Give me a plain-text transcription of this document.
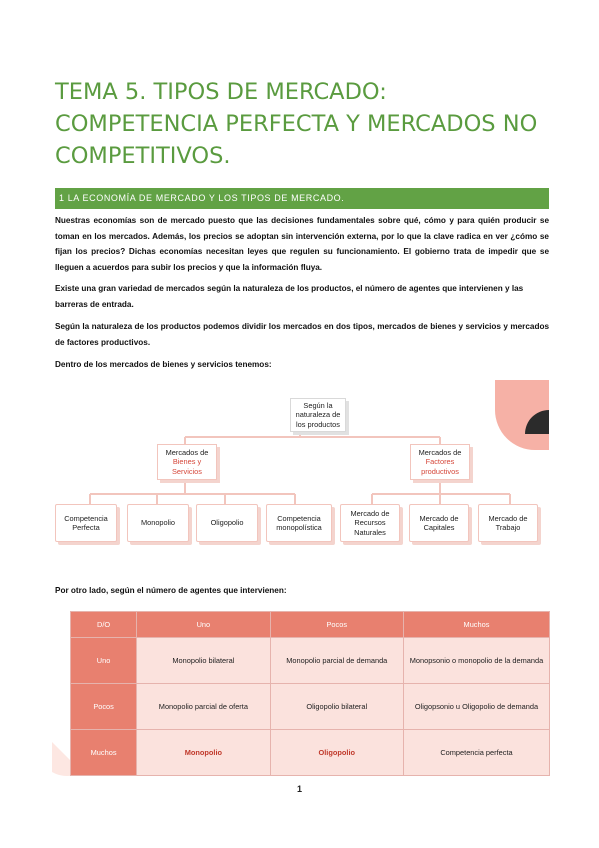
TEMA 5. TIPOS DE MERCADO:
COMPETENCIA PERFECTA Y MERCADOS NO
COMPETITIVOS.
1 LA ECONOMÍA DE MERCADO Y LOS TIPOS DE MERCADO.
Nuestras economías son de mercado puesto que las decisiones fundamentales sobre qué, cómo y para quién producir se toman en los mercados. Además, los precios se adoptan sin intervención externa, por lo que la clave radica en ver ¿cómo se fijan los precios? Dichas economías necesitan leyes que regulen su funcionamiento. El gobierno trata de impedir que se lleguen a acuerdos para subir los precios y que la información fluya.
Existe una gran variedad de mercados según la naturaleza de los productos, el número de agentes que intervienen y las barreras de entrada.
Según la naturaleza de los productos podemos dividir los mercados en dos tipos, mercados de bienes y servicios y mercados de factores productivos.
Dentro de los mercados de bienes y servicios tenemos:
Según la naturaleza de los productos
Mercados de
Bienes y Servicios
Mercados de
Factores productivos
Competencia Perfecta
Monopolio	Oligopolio
Competencia monopolística
Mercado de Recursos Naturales
Mercado de Capitales
Mercado de Trabajo
Por otro lado, según el número de agentes que intervienen:
D/O	Uno	Pocos	Muchos
Uno	Monopolio bilateral	Monopolio parcial de demanda	Monopsonio o monopolio de la demanda
Pocos	Monopolio parcial de oferta	Oligopolio bilateral	Oligopsonio u Oligopolio de demanda
Muchos	Monopolio	Oligopolio	Competencia perfecta
1
